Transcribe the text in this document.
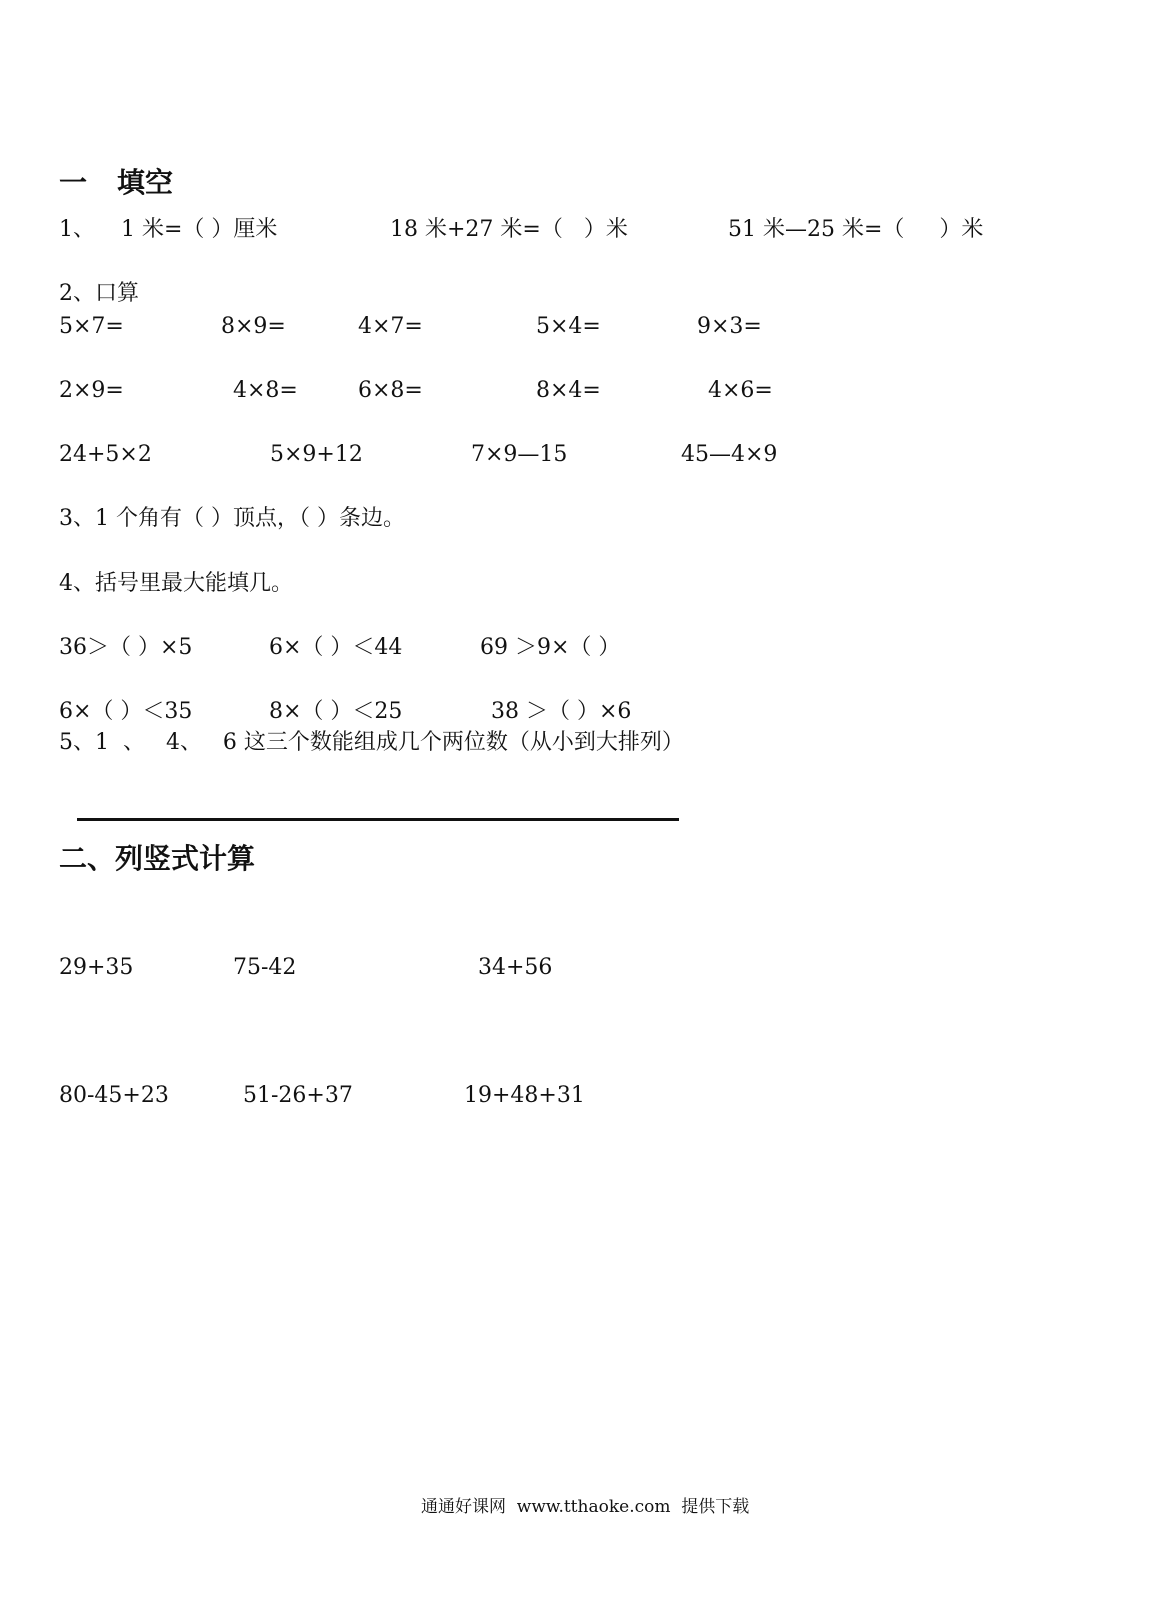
一 填空
1、 1 米=（ ）厘米	18 米+27 米=（   ）米	51 米—25 米=（     ）米
2、口算
5×7=	8×9=	4×7=	5×4=	9×3=
2×9=	4×8=	6×8=	8×4=	4×6=
24+5×2	5×9+12	7×9—15	45—4×9
3、1 个角有（ ）顶点，（ ）条边。
4、括号里最大能填几。
36＞（ ）×5	6×（ ）＜44	69 ＞9×（ ）
6×（ ）＜35	8×（ ）＜25	38 ＞（ ）×6
5、1  、   4、   6 这三个数能组成几个两位数（从小到大排列）
二、列竖式计算
29+35	75-42	34+56
80-45+23	51-26+37	19+48+31
通通好课网  www.tthaoke.com  提供下载
